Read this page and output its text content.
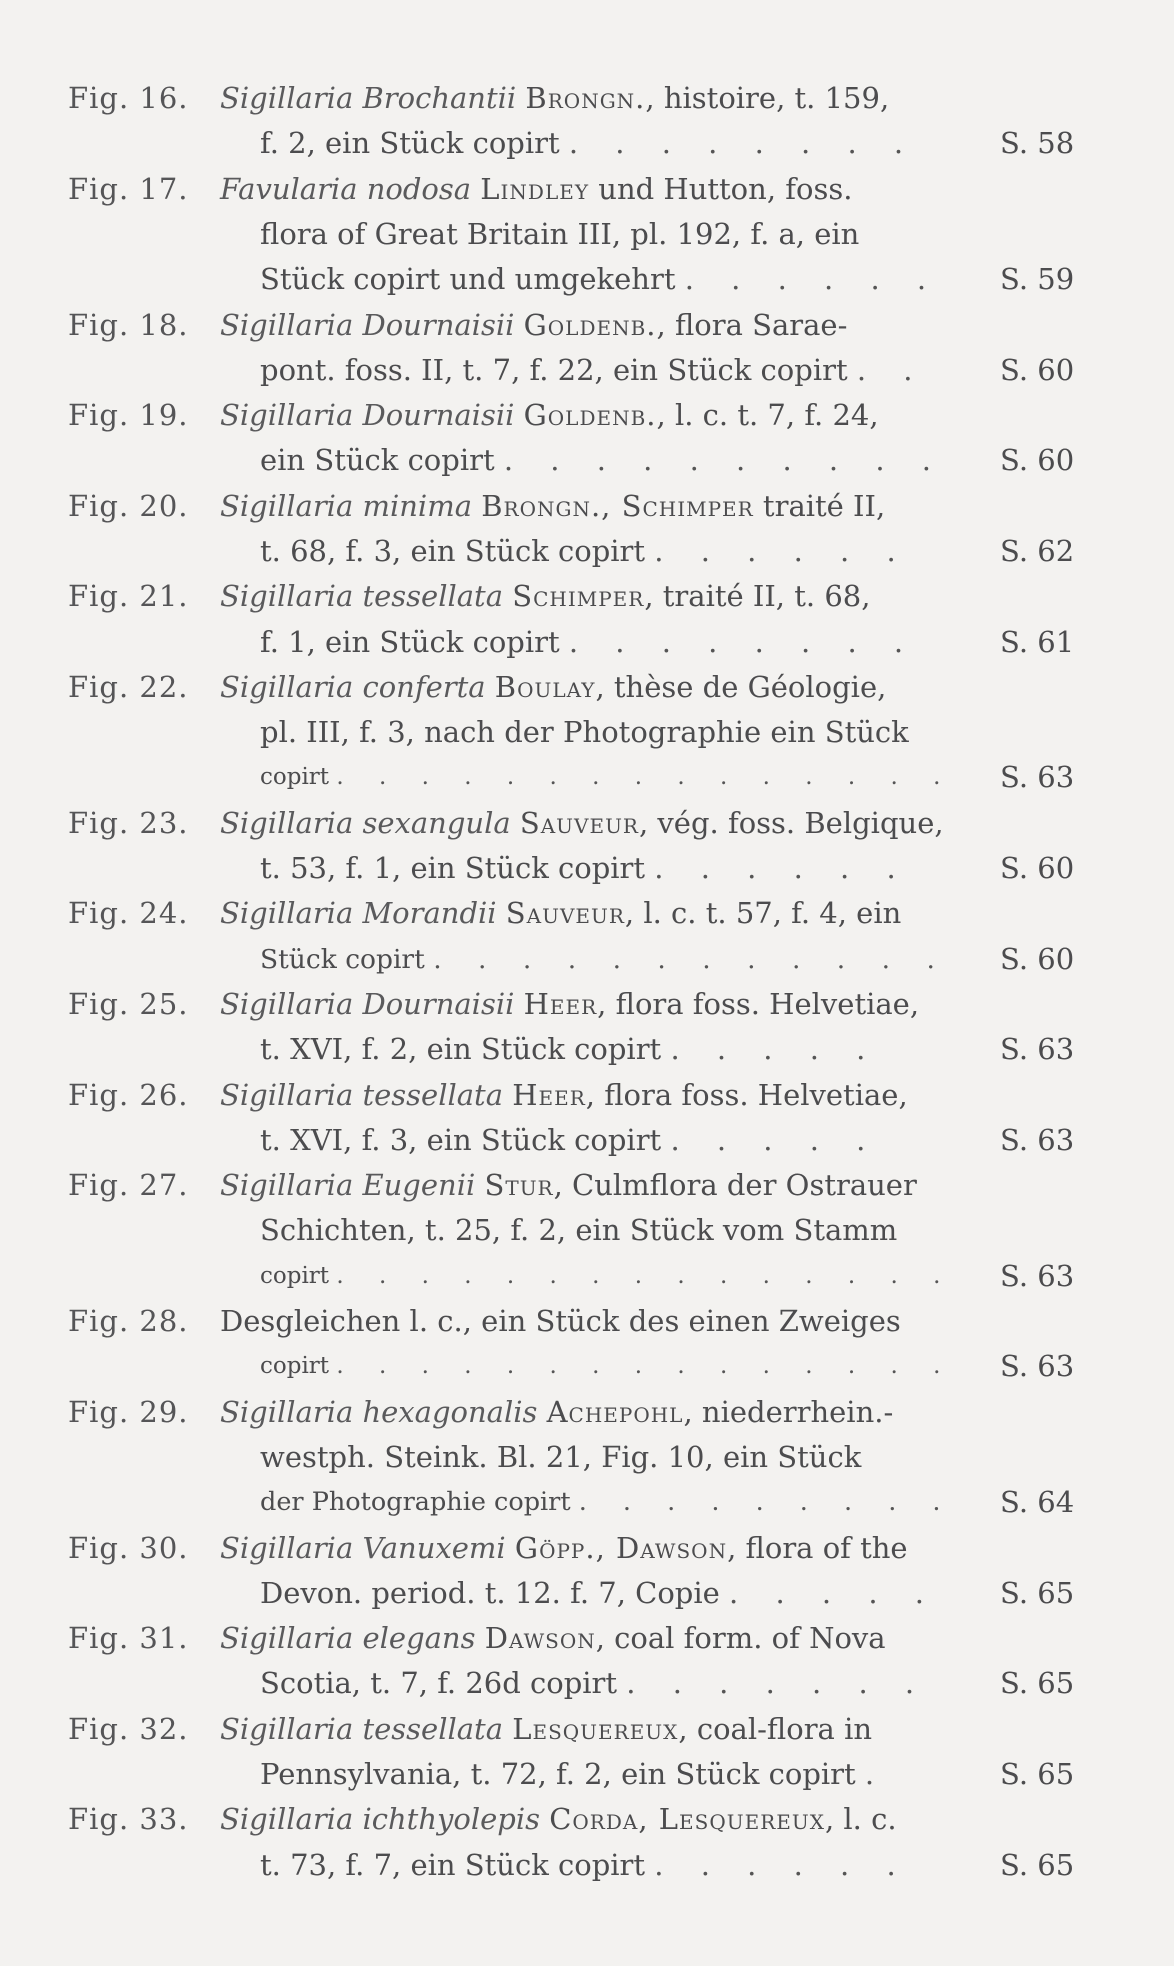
Fig. 16. Sigillaria Brochantii Brongn., histoire, t. 159,
f. 2, ein Stück copirt . . . . . . . .	S. 58
Fig. 17. Favularia nodosa Lindley und Hutton, foss.
flora of Great Britain III, pl. 192, f. a, ein
Stück copirt und umgekehrt . . . . . . S. 59
Fig. 18. Sigillaria Dournaisii Goldenb., flora Sarae-
pont. foss. II, t. 7, f. 22, ein Stück copirt . .	S. 60
Fig. 19. Sigillaria Dournaisii Goldenb., l. c. t. 7, f. 24,
ein Stück copirt . . . . . . . . . . S. 60
Fig. 20. Sigillaria minima Brongn., Schimper traité II,
t. 68, f. 3, ein Stück copirt . . . . . .	S. 62
Fig. 21. Sigillaria tessellata Schimper, traité II, t. 68,
f. 1, ein Stück copirt . . . . . . . .	S. 61
Fig. 22. Sigillaria conferta Boulay, thèse de Géologie,
pl. III, f. 3, nach der Photographie ein Stück
copirt . . . . . . . . . . . . . . . S. 63
Fig. 23. Sigillaria sexangula Sauveur, vég. foss. Belgique,
t. 53, f. 1, ein Stück copirt . . . . . .	S. 60
Fig. 24. Sigillaria Morandii Sauveur, l. c. t. 57, f. 4, ein
Stück copirt . . . . . . . . . . . . S. 60
Fig. 25. Sigillaria Dournaisii Heer, flora foss. Helvetiae,
t. XVI, f. 2, ein Stück copirt . . . . .	S. 63
Fig. 26. Sigillaria tessellata Heer, flora foss. Helvetiae,
t. XVI, f. 3, ein Stück copirt . . . . .	S. 63
Fig. 27. Sigillaria Eugenii Stur, Culmflora der Ostrauer
Schichten, t. 25, f. 2, ein Stück vom Stamm
copirt . . . . . . . . . . . . . . . S. 63
Fig. 28. Desgleichen l. c., ein Stück des einen Zweiges
copirt . . . . . . . . . . . . . . . S. 63
Fig. 29. Sigillaria hexagonalis Achepohl, niederrhein.-
westph. Steink. Bl. 21, Fig. 10, ein Stück
der Photographie copirt . . . . . . . . . S. 64
Fig. 30. Sigillaria Vanuxemi Göpp., Dawson, flora of the
Devon. period. t. 12. f. 7, Copie . . . . . S. 65
Fig. 31. Sigillaria elegans Dawson, coal form. of Nova
Scotia, t. 7, f. 26d copirt . . . . . . . S. 65
Fig. 32. Sigillaria tessellata Lesquereux, coal-flora in
Pennsylvania, t. 72, f. 2, ein Stück copirt .	S. 65
Fig. 33. Sigillaria ichthyolepis Corda, Lesquereux, l. c.
t. 73, f. 7, ein Stück copirt . . . . . .	S. 65
